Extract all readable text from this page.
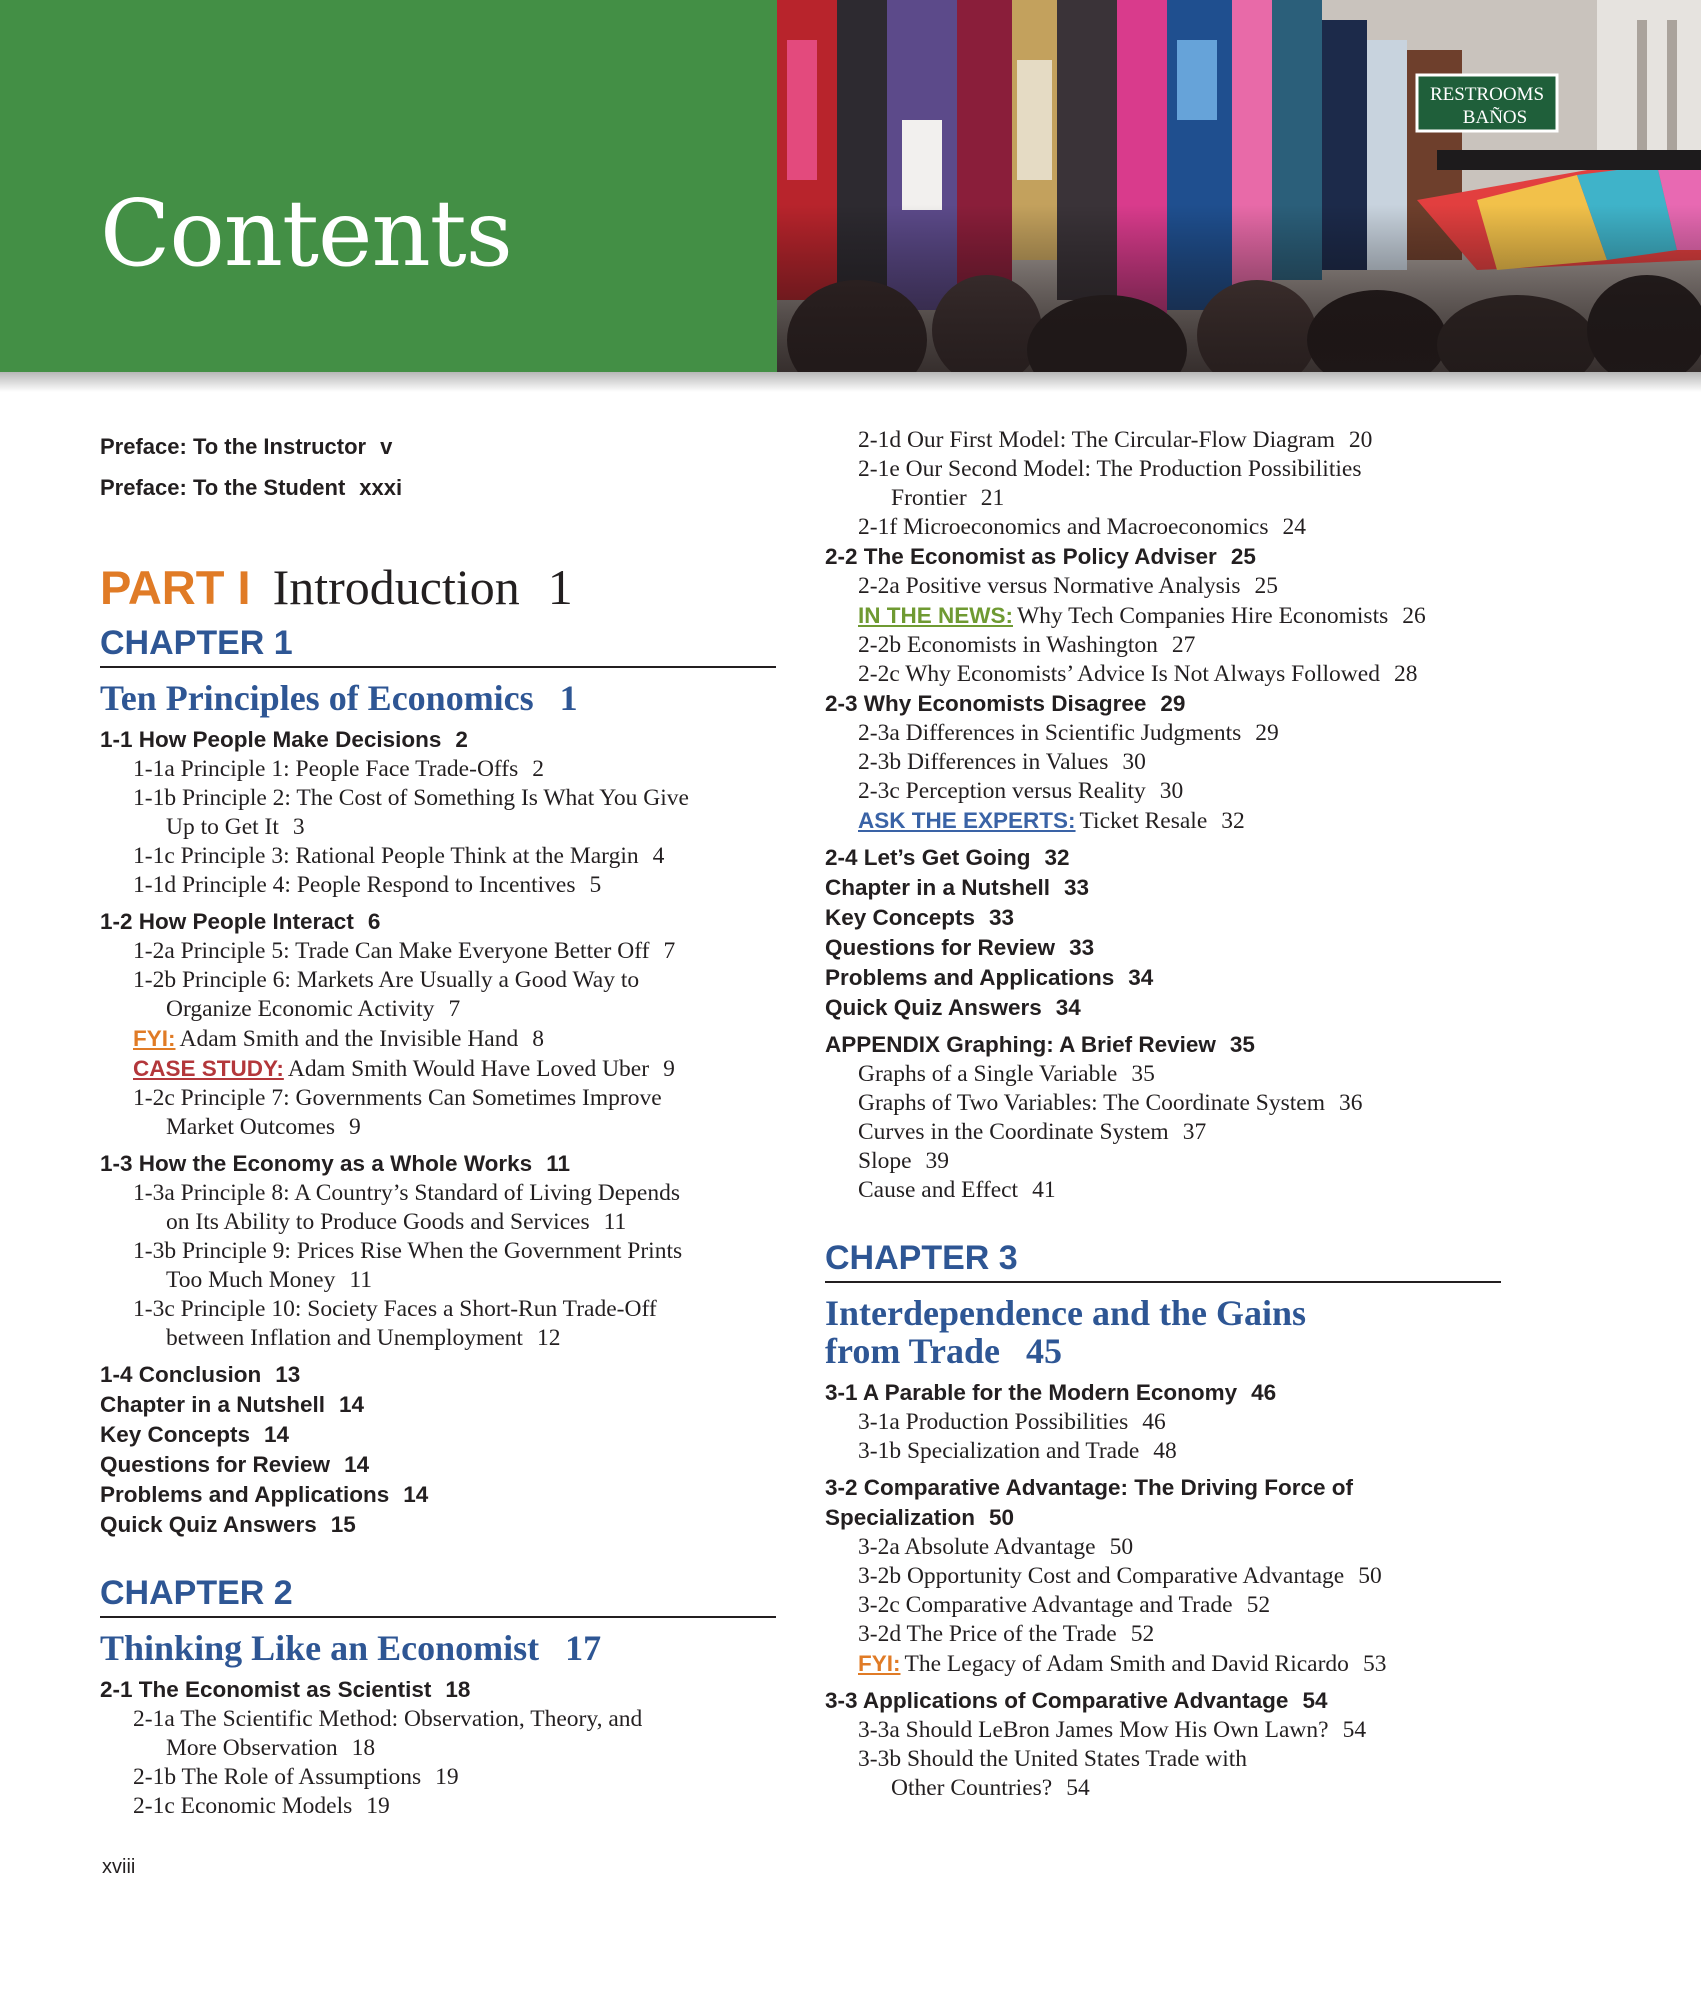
Contents
Preface: To the Instructor v
Preface: To the Student xxxi
PART I Introduction 1
CHAPTER 1
Ten Principles of Economics 1
1-1 How People Make Decisions 2
1-1a Principle 1: People Face Trade-Offs 2
1-1b Principle 2: The Cost of Something Is What You Give
Up to Get It 3
1-1c Principle 3: Rational People Think at the Margin 4
1-1d Principle 4: People Respond to Incentives 5
1-2 How People Interact 6
1-2a Principle 5: Trade Can Make Everyone Better Off 7
1-2b Principle 6: Markets Are Usually a Good Way to
Organize Economic Activity 7
FYI: Adam Smith and the Invisible Hand 8
CASE STUDY: Adam Smith Would Have Loved Uber 9
1-2c Principle 7: Governments Can Sometimes Improve
Market Outcomes 9
1-3 How the Economy as a Whole Works 11
1-3a Principle 8: A Country’s Standard of Living Depends
on Its Ability to Produce Goods and Services 11
1-3b Principle 9: Prices Rise When the Government Prints
Too Much Money 11
1-3c Principle 10: Society Faces a Short-Run Trade-Off
between Inflation and Unemployment 12
1-4 Conclusion 13
Chapter in a Nutshell 14
Key Concepts 14
Questions for Review 14
Problems and Applications 14
Quick Quiz Answers 15
CHAPTER 2
Thinking Like an Economist 17
2-1 The Economist as Scientist 18
2-1a The Scientific Method: Observation, Theory, and
More Observation 18
2-1b The Role of Assumptions 19
2-1c Economic Models 19
2-1d Our First Model: The Circular-Flow Diagram 20
2-1e Our Second Model: The Production Possibilities
Frontier 21
2-1f Microeconomics and Macroeconomics 24
2-2 The Economist as Policy Adviser 25
2-2a Positive versus Normative Analysis 25
IN THE NEWS: Why Tech Companies Hire Economists 26
2-2b Economists in Washington 27
2-2c Why Economists’ Advice Is Not Always Followed 28
2-3 Why Economists Disagree 29
2-3a Differences in Scientific Judgments 29
2-3b Differences in Values 30
2-3c Perception versus Reality 30
ASK THE EXPERTS: Ticket Resale 32
2-4 Let’s Get Going 32
Chapter in a Nutshell 33
Key Concepts 33
Questions for Review 33
Problems and Applications 34
Quick Quiz Answers 34
APPENDIX Graphing: A Brief Review 35
Graphs of a Single Variable 35
Graphs of Two Variables: The Coordinate System 36
Curves in the Coordinate System 37
Slope 39
Cause and Effect 41
CHAPTER 3
Interdependence and the Gains
from Trade 45
3-1 A Parable for the Modern Economy 46
3-1a Production Possibilities 46
3-1b Specialization and Trade 48
3-2 Comparative Advantage: The Driving Force of
Specialization 50
3-2a Absolute Advantage 50
3-2b Opportunity Cost and Comparative Advantage 50
3-2c Comparative Advantage and Trade 52
3-2d The Price of the Trade 52
FYI: The Legacy of Adam Smith and David Ricardo 53
3-3 Applications of Comparative Advantage 54
3-3a Should LeBron James Mow His Own Lawn? 54
3-3b Should the United States Trade with
Other Countries? 54
xviii
